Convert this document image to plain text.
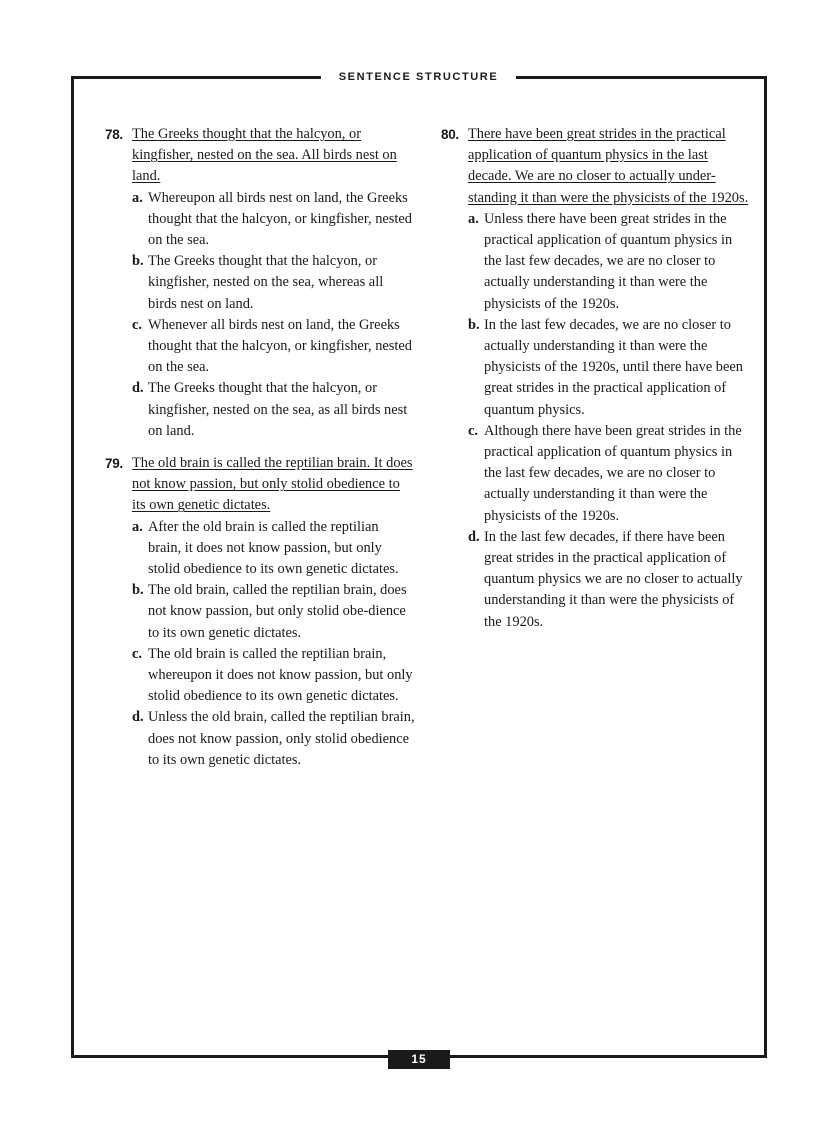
SENTENCE STRUCTURE
78. The Greeks thought that the halcyon, or kingfisher, nested on the sea. All birds nest on land.
a. Whereupon all birds nest on land, the Greeks thought that the halcyon, or kingfisher, nested on the sea.
b. The Greeks thought that the halcyon, or kingfisher, nested on the sea, whereas all birds nest on land.
c. Whenever all birds nest on land, the Greeks thought that the halcyon, or kingfisher, nested on the sea.
d. The Greeks thought that the halcyon, or kingfisher, nested on the sea, as all birds nest on land.
79. The old brain is called the reptilian brain. It does not know passion, but only stolid obedience to its own genetic dictates.
a. After the old brain is called the reptilian brain, it does not know passion, but only stolid obedience to its own genetic dictates.
b. The old brain, called the reptilian brain, does not know passion, but only stolid obe-dience to its own genetic dictates.
c. The old brain is called the reptilian brain, whereupon it does not know passion, but only stolid obedience to its own genetic dictates.
d. Unless the old brain, called the reptilian brain, does not know passion, only stolid obedience to its own genetic dictates.
80. There have been great strides in the practical application of quantum physics in the last decade. We are no closer to actually under-standing it than were the physicists of the 1920s.
a. Unless there have been great strides in the practical application of quantum physics in the last few decades, we are no closer to actually understanding it than were the physicists of the 1920s.
b. In the last few decades, we are no closer to actually understanding it than were the physicists of the 1920s, until there have been great strides in the practical application of quantum physics.
c. Although there have been great strides in the practical application of quantum physics in the last few decades, we are no closer to actually understanding it than were the physicists of the 1920s.
d. In the last few decades, if there have been great strides in the practical application of quantum physics we are no closer to actually understanding it than were the physicists of the 1920s.
15
